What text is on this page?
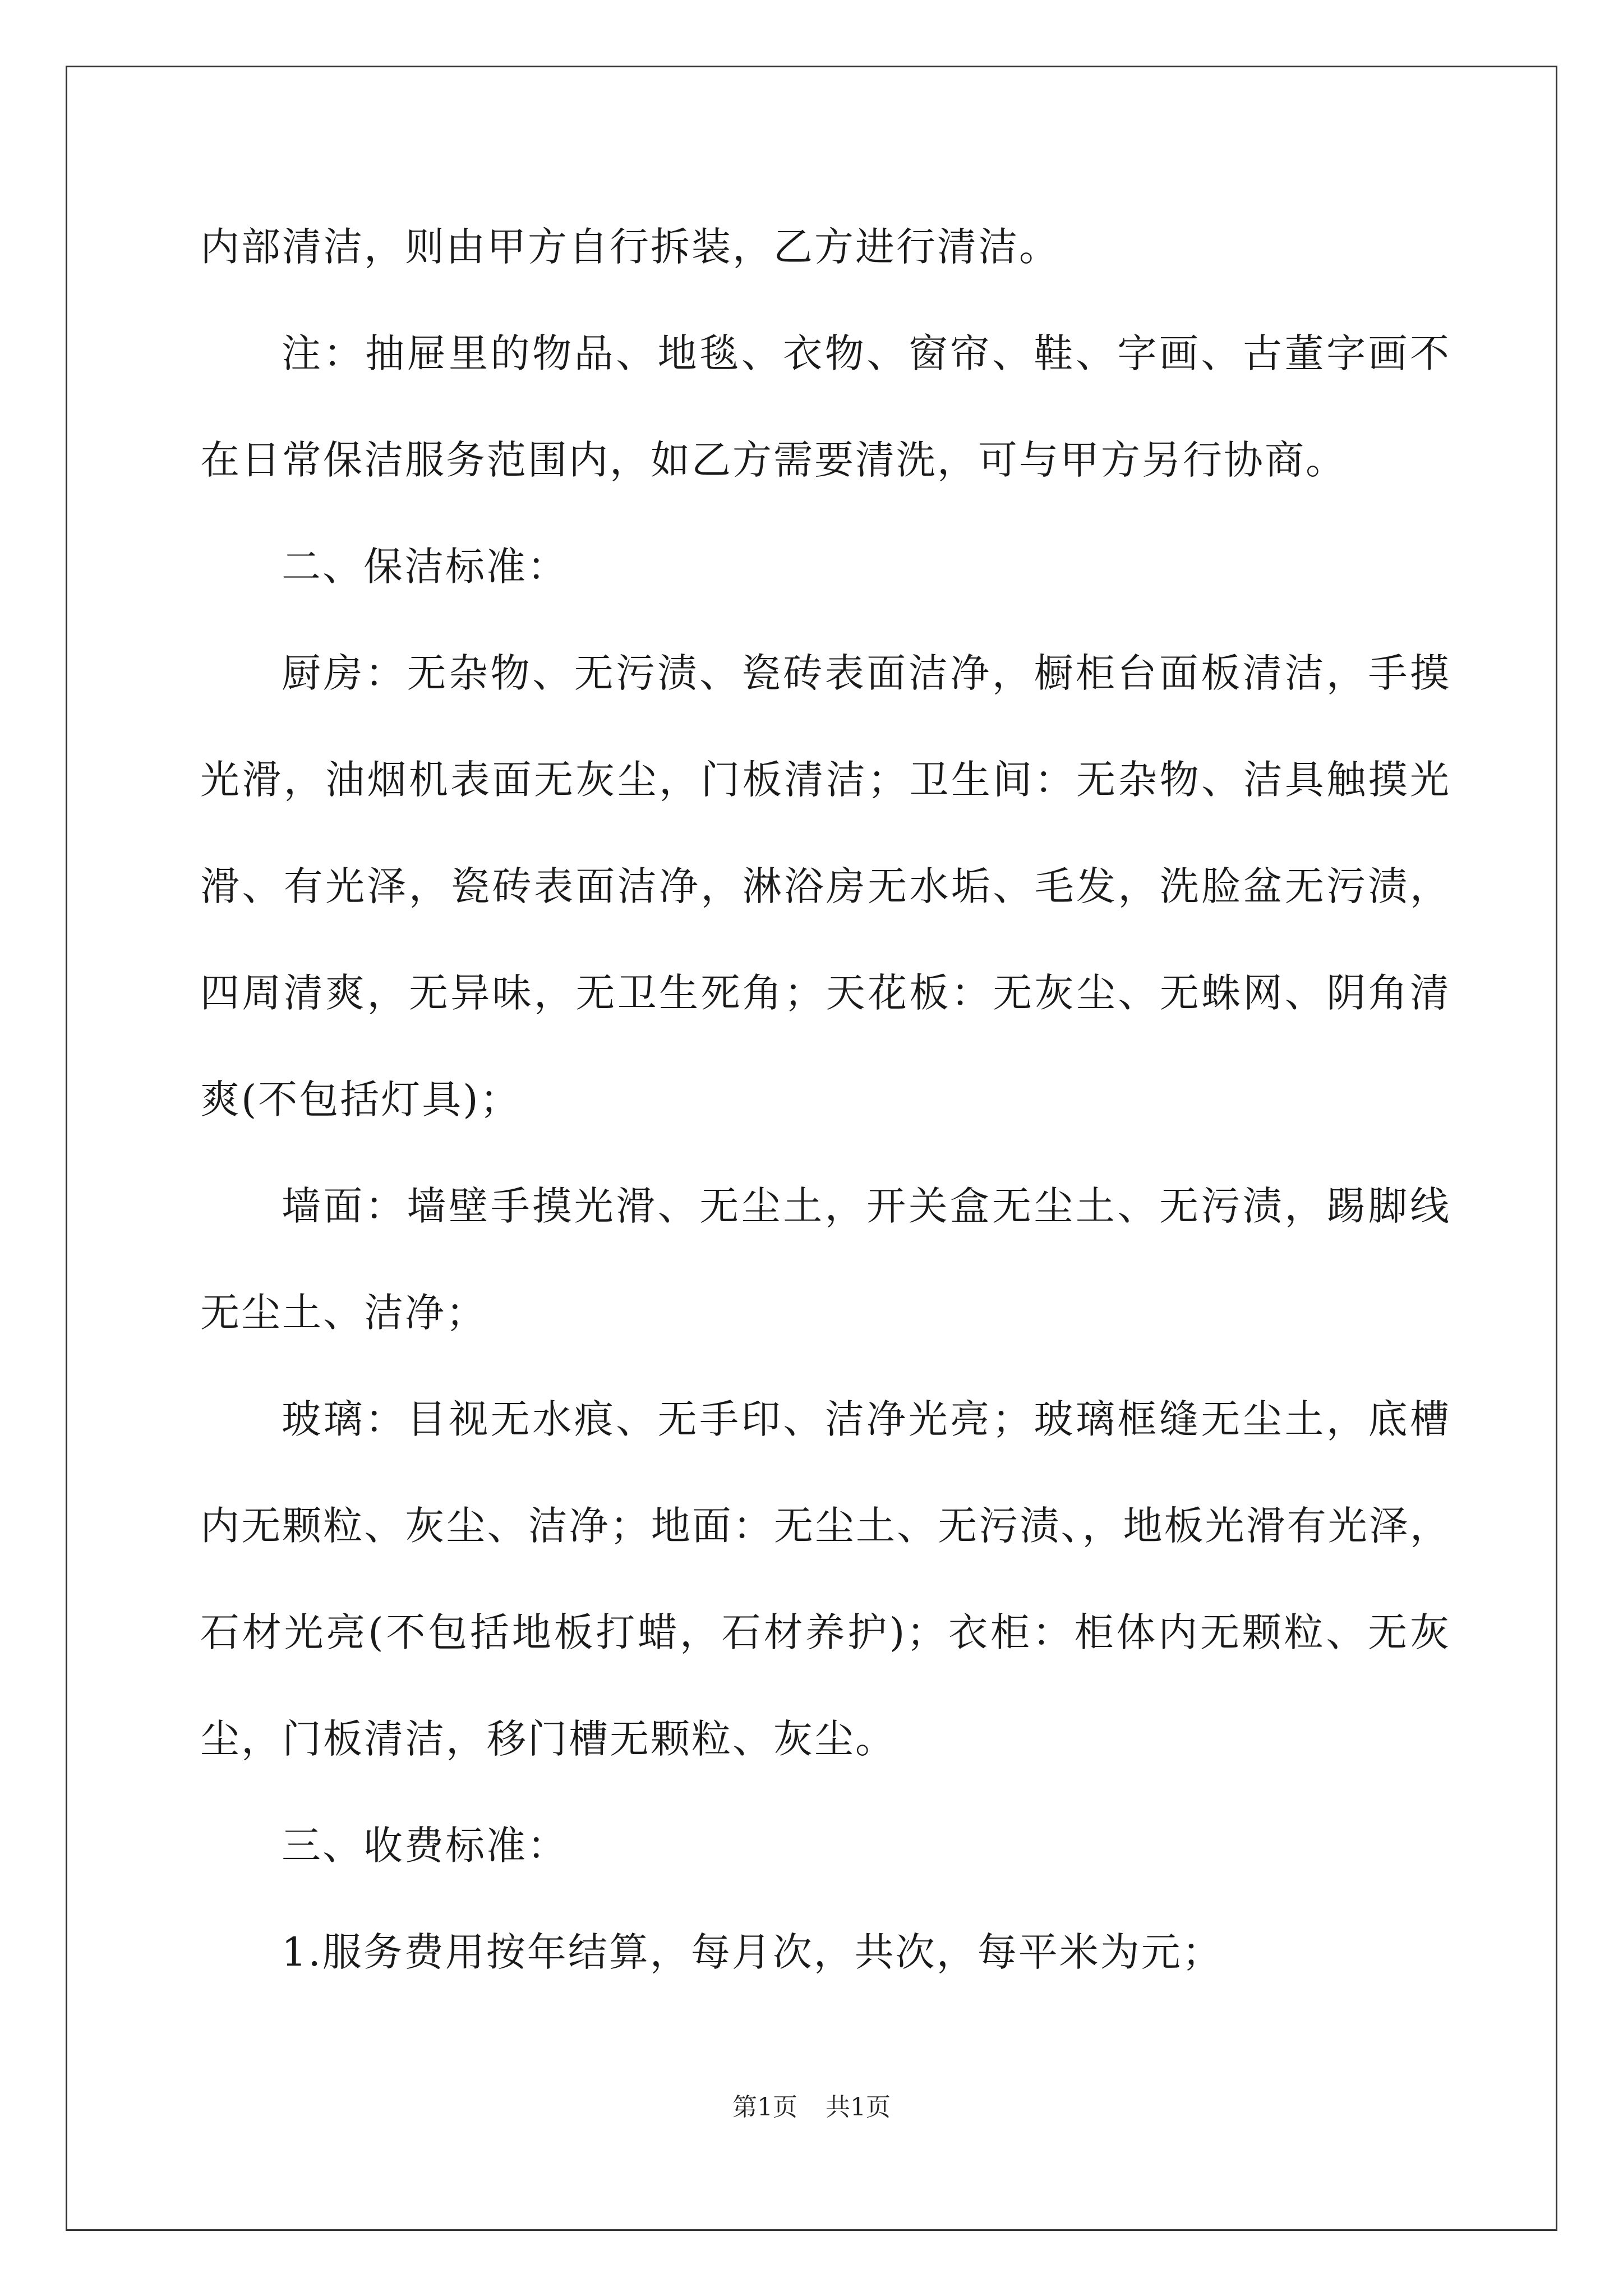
内部清洁，则由甲方自行拆装，乙方进行清洁。

注：抽屉里的物品、地毯、衣物、窗帘、鞋、字画、古董字画不在日常保洁服务范围内，如乙方需要清洗，可与甲方另行协商。

二、保洁标准：

厨房：无杂物、无污渍、瓷砖表面洁净，橱柜台面板清洁，手摸光滑，油烟机表面无灰尘，门板清洁；卫生间：无杂物、洁具触摸光滑、有光泽，瓷砖表面洁净，淋浴房无水垢、毛发，洗脸盆无污渍，四周清爽，无异味，无卫生死角；天花板：无灰尘、无蛛网、阴角清爽(不包括灯具)；

墙面：墙壁手摸光滑、无尘土，开关盒无尘土、无污渍，踢脚线无尘土、洁净；

玻璃：目视无水痕、无手印、洁净光亮；玻璃框缝无尘土，底槽内无颗粒、灰尘、洁净；地面：无尘土、无污渍、，地板光滑有光泽，石材光亮(不包括地板打蜡，石材养护)；衣柜：柜体内无颗粒、无灰尘，门板清洁，移门槽无颗粒、灰尘。

三、收费标准：

1.服务费用按年结算，每月次，共次，每平米为元；

第1页 共1页
